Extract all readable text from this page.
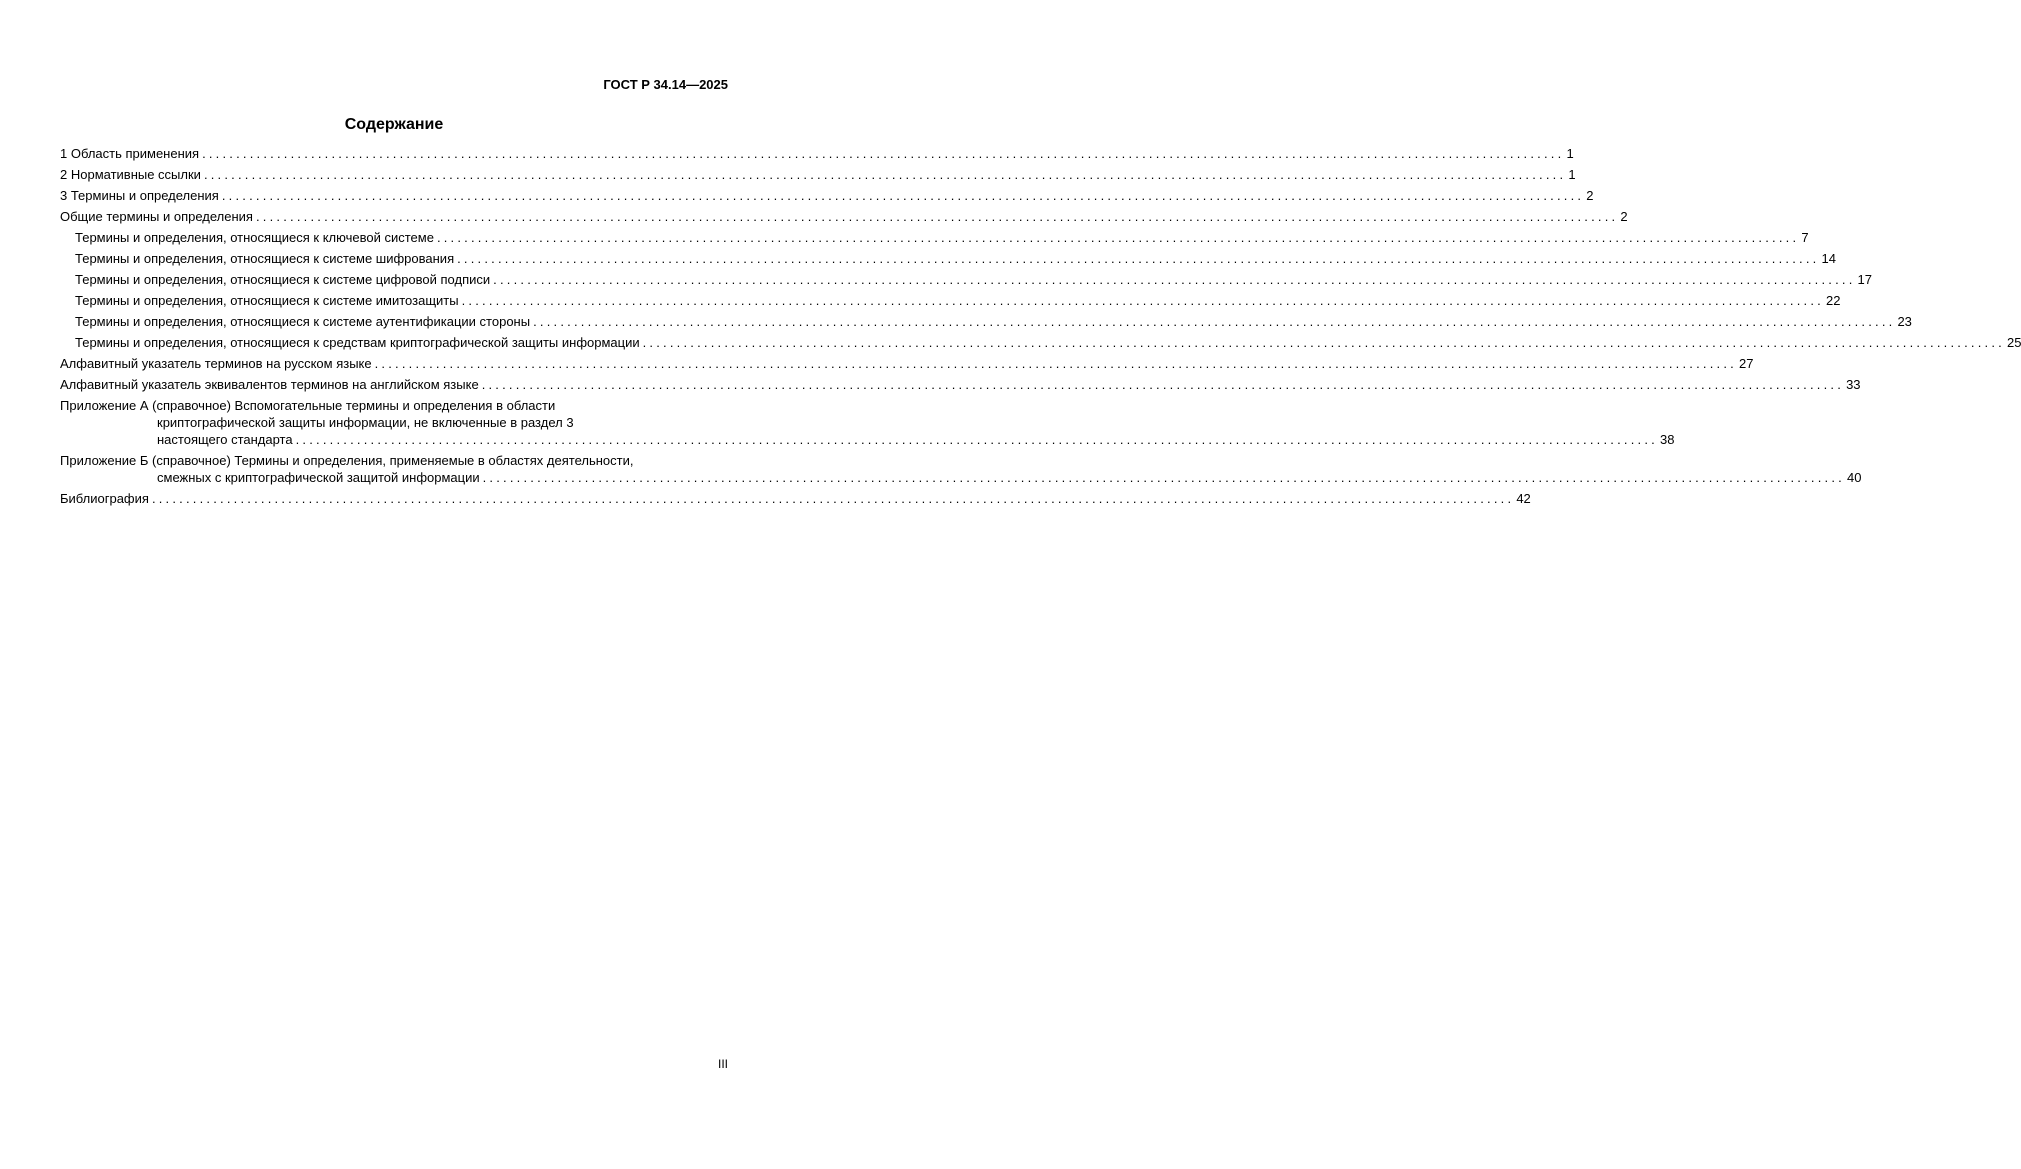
ГОСТ Р 34.14—2025
Содержание
1 Область применения ........................................................................................................................................................................................................ 1
2 Нормативные ссылки ........................................................................................................................................................................................................ 1
3 Термины и определения ........................................................................................................................................................................................................ 2
Общие термины и определения ........................................................................................................................................................................................................ 2
Термины и определения, относящиеся к ключевой системе ........................................................................................................................................................................................................ 7
Термины и определения, относящиеся к системе шифрования ........................................................................................................................................................................................................ 14
Термины и определения, относящиеся к системе цифровой подписи ........................................................................................................................................................................................................ 17
Термины и определения, относящиеся к системе имитозащиты ........................................................................................................................................................................................................ 22
Термины и определения, относящиеся к системе аутентификации стороны ........................................................................................................................................................................................................ 23
Термины и определения, относящиеся к средствам криптографической защиты информации ........................................................................................................................................................................................................ 25
Алфавитный указатель терминов на русском языке ........................................................................................................................................................................................................ 27
Алфавитный указатель эквивалентов терминов на английском языке ........................................................................................................................................................................................................ 33
Приложение А (справочное) Вспомогательные термины и определения в области
криптографической защиты информации, не включенные в раздел 3
настоящего стандарта ........................................................................................................................................................................................................ 38
Приложение Б (справочное) Термины и определения, применяемые в областях деятельности,
смежных с криптографической защитой информации ........................................................................................................................................................................................................ 40
Библиография ........................................................................................................................................................................................................ 42
III
